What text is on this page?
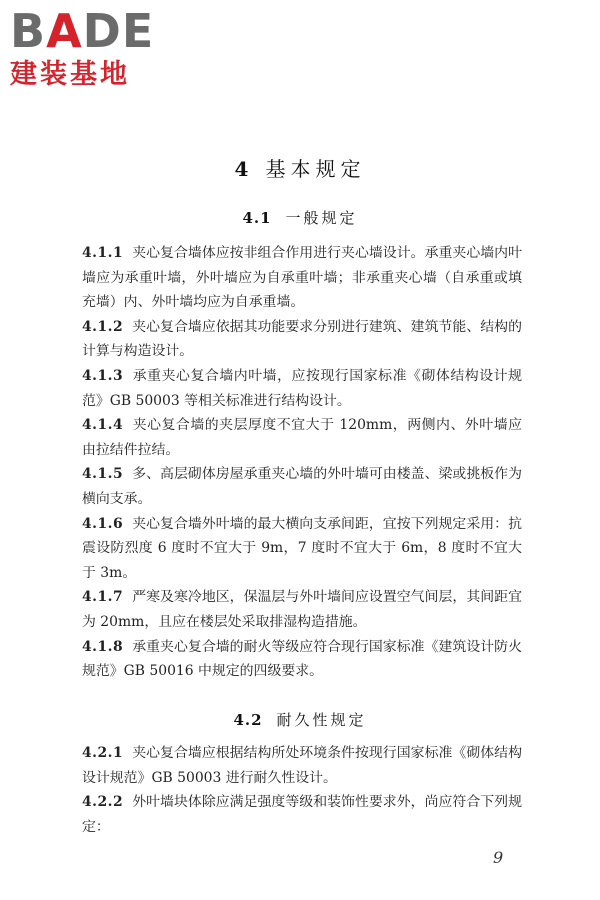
B A DE
建装基地
4 基本规定
4.1 一般规定

4.1.1 夹心复合墙体应按非组合作用进行夹心墙设计。承重夹心墙内叶墙应为承重叶墙，外叶墙应为自承重叶墙；非承重夹心墙（自承重或填充墙）内、外叶墙均应为自承重墙。

4.1.2 夹心复合墙应依据其功能要求分别进行建筑、建筑节能、结构的计算与构造设计。

4.1.3 承重夹心复合墙内叶墙，应按现行国家标准《砌体结构设计规范》GB 50003 等相关标准进行结构设计。

4.1.4 夹心复合墙的夹层厚度不宜大于 120mm，两侧内、外叶墙应由拉结件拉结。

4.1.5 多、高层砌体房屋承重夹心墙的外叶墙可由楼盖、梁或挑板作为横向支承。

4.1.6 夹心复合墙外叶墙的最大横向支承间距，宜按下列规定采用：抗震设防烈度 6 度时不宜大于 9m，7 度时不宜大于 6m，8 度时不宜大于 3m。

4.1.7 严寒及寒冷地区，保温层与外叶墙间应设置空气间层，其间距宜为 20mm，且应在楼层处采取排湿构造措施。

4.1.8 承重夹心复合墙的耐火等级应符合现行国家标准《建筑设计防火规范》GB 50016 中规定的四级要求。

4.2 耐久性规定

4.2.1 夹心复合墙应根据结构所处环境条件按现行国家标准《砌体结构设计规范》GB 50003 进行耐久性设计。

4.2.2 外叶墙块体除应满足强度等级和装饰性要求外，尚应符合下列规定：

9
